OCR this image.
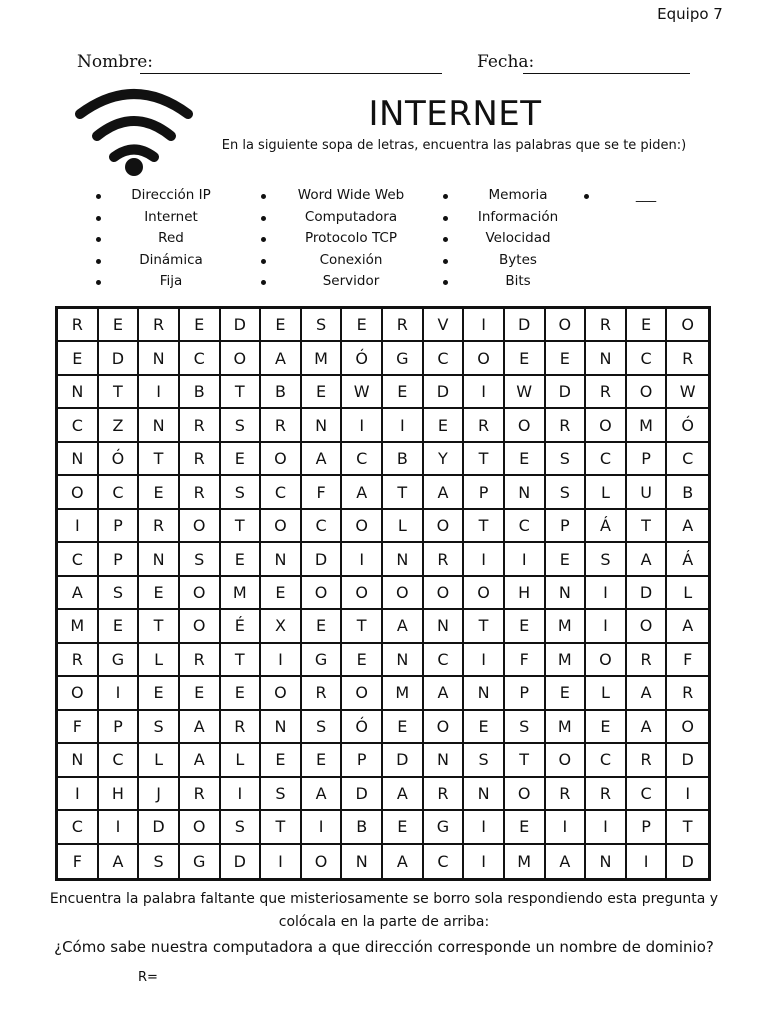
Equipo 7
Nombre:	Fecha:
INTERNET
En la siguiente sopa de letras, encuentra las palabras que se te piden:)
Dirección IP
Internet
Red
Dinámica
Fija
Word Wide Web
Computadora
Protocolo TCP
Conexión
Servidor
Memoria
Información
Velocidad
Bytes
Bits
___
R	E	R	E	D	E	S	E	R	V	I	D	O	R	E	O
E	D	N	C	O	A	M	Ó	G	C	O	E	E	N	C	R
N	T	I	B	T	B	E	W	E	D	I	W	D	R	O	W
C	Z	N	R	S	R	N	I	I	E	R	O	R	O	M	Ó
N	Ó	T	R	E	O	A	C	B	Y	T	E	S	C	P	C
O	C	E	R	S	C	F	A	T	A	P	N	S	L	U	B
I	P	R	O	T	O	C	O	L	O	T	C	P	Á	T	A
C	P	N	S	E	N	D	I	N	R	I	I	E	S	A	Á
A	S	E	O	M	E	O	O	O	O	O	H	N	I	D	L
M	E	T	O	É	X	E	T	A	N	T	E	M	I	O	A
R	G	L	R	T	I	G	E	N	C	I	F	M	O	R	F
O	I	E	E	E	O	R	O	M	A	N	P	E	L	A	R
F	P	S	A	R	N	S	Ó	E	O	E	S	M	E	A	O
N	C	L	A	L	E	E	P	D	N	S	T	O	C	R	D
I	H	J	R	I	S	A	D	A	R	N	O	R	R	C	I
C	I	D	O	S	T	I	B	E	G	I	E	I	I	P	T
F	A	S	G	D	I	O	N	A	C	I	M	A	N	I	D
Encuentra la palabra faltante que misteriosamente se borro sola respondiendo esta pregunta y colócala en la parte de arriba:
¿Cómo sabe nuestra computadora a que dirección corresponde un nombre de dominio?
R=
